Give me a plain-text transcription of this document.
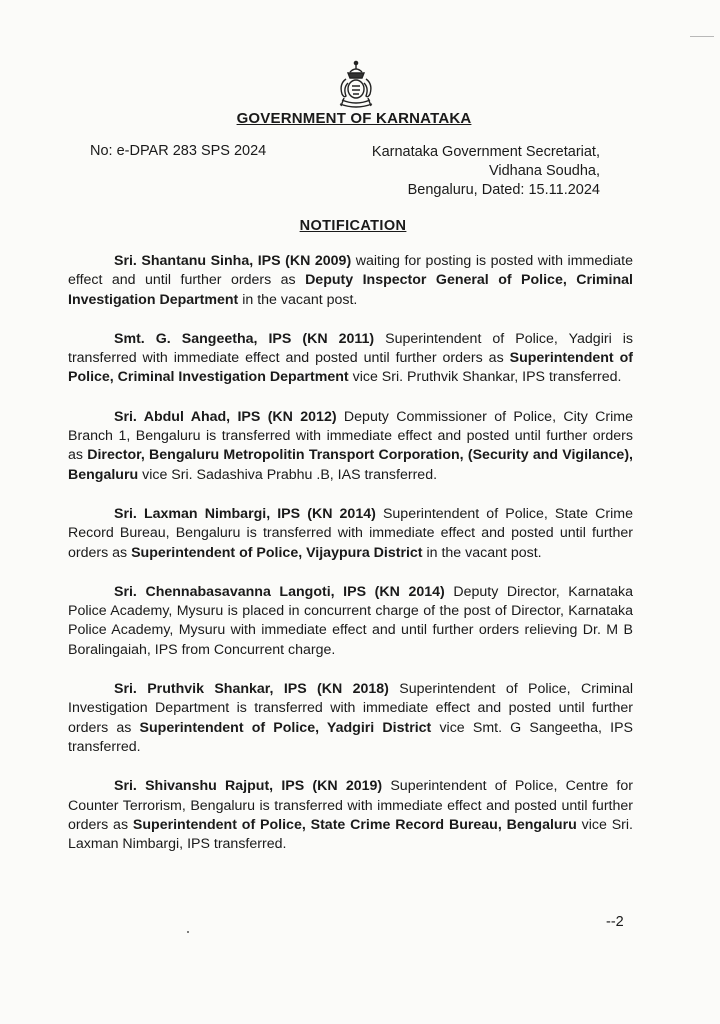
GOVERNMENT OF KARNATAKA
No: e-DPAR 283 SPS 2024	Karnataka Government Secretariat,
Vidhana Soudha,
Bengaluru, Dated: 15.11.2024
NOTIFICATION

Sri. Shantanu Sinha, IPS (KN 2009) waiting for posting is posted with immediate effect and until further orders as Deputy Inspector General of Police, Criminal Investigation Department in the vacant post.

Smt. G. Sangeetha, IPS (KN 2011) Superintendent of Police, Yadgiri is transferred with immediate effect and posted until further orders as Superintendent of Police, Criminal Investigation Department vice Sri. Pruthvik Shankar, IPS transferred.

Sri. Abdul Ahad, IPS (KN 2012) Deputy Commissioner of Police, City Crime Branch 1, Bengaluru is transferred with immediate effect and posted until further orders as Director, Bengaluru Metropolitin Transport Corporation, (Security and Vigilance), Bengaluru vice Sri. Sadashiva Prabhu .B, IAS transferred.

Sri. Laxman Nimbargi, IPS (KN 2014) Superintendent of Police, State Crime Record Bureau, Bengaluru is transferred with immediate effect and posted until further orders as Superintendent of Police, Vijaypura District in the vacant post.

Sri. Chennabasavanna Langoti, IPS (KN 2014) Deputy Director, Karnataka Police Academy, Mysuru is placed in concurrent charge of the post of Director, Karnataka Police Academy, Mysuru with immediate effect and until further orders relieving Dr. M B Boralingaiah, IPS from Concurrent charge.

Sri. Pruthvik Shankar, IPS (KN 2018) Superintendent of Police, Criminal Investigation Department is transferred with immediate effect and posted until further orders as Superintendent of Police, Yadgiri District vice Smt. G Sangeetha, IPS transferred.

Sri. Shivanshu Rajput, IPS (KN 2019) Superintendent of Police, Centre for Counter Terrorism, Bengaluru is transferred with immediate effect and posted until further orders as Superintendent of Police, State Crime Record Bureau, Bengaluru vice Sri. Laxman Nimbargi, IPS transferred.

--2
